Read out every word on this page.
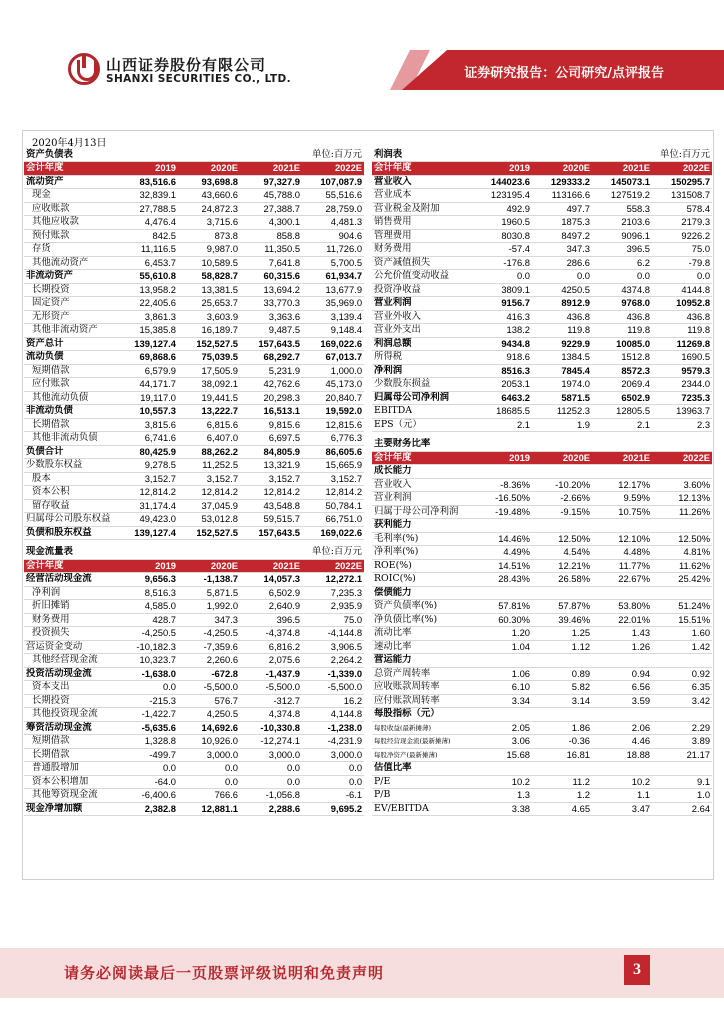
山西证券股份有限公司
SHANXI SECURITIES CO., LTD.	证券研究报告：公司研究/点评报告
2020年4月13日
资产负债表			单位:百万元	
会计年度	2019	2020E	2021E	2022E
流动资产	83,516.6	93,698.8	97,327.9	107,087.9
现金	32,839.1	43,660.6	45,788.0	55,516.6
应收账款	27,788.5	24,872.3	27,388.7	28,759.0
其他应收款	4,476.4	3,715.6	4,300.1	4,481.3
预付账款	842.5	873.8	858.8	904.6
存货	11,116.5	9,987.0	11,350.5	11,726.0
其他流动资产	6,453.7	10,589.5	7,641.8	5,700.5
非流动资产	55,610.8	58,828.7	60,315.6	61,934.7
长期投资	13,958.2	13,381.5	13,694.2	13,677.9
固定资产	22,405.6	25,653.7	33,770.3	35,969.0
无形资产	3,861.3	3,603.9	3,363.6	3,139.4
其他非流动资产	15,385.8	16,189.7	9,487.5	9,148.4
资产总计	139,127.4	152,527.5	157,643.5	169,022.6
流动负债	69,868.6	75,039.5	68,292.7	67,013.7
短期借款	6,579.9	17,505.9	5,231.9	1,000.0
应付账款	44,171.7	38,092.1	42,762.6	45,173.0
其他流动负债	19,117.0	19,441.5	20,298.3	20,840.7
非流动负债	10,557.3	13,222.7	16,513.1	19,592.0
长期借款	3,815.6	6,815.6	9,815.6	12,815.6
其他非流动负债	6,741.6	6,407.0	6,697.5	6,776.3
负债合计	80,425.9	88,262.2	84,805.9	86,605.6
少数股东权益	9,278.5	11,252.5	13,321.9	15,665.9
股本	3,152.7	3,152.7	3,152.7	3,152.7
资本公积	12,814.2	12,814.2	12,814.2	12,814.2
留存收益	31,174.4	37,045.9	43,548.8	50,784.1
归属母公司股东权益	49,423.0	53,012.8	59,515.7	66,751.0
负债和股东权益	139,127.4	152,527.5	157,643.5	169,022.6

现金流量表			单位:百万元	
会计年度	2019	2020E	2021E	2022E
经营活动现金流	9,656.3	-1,138.7	14,057.3	12,272.1
净利润	8,516.3	5,871.5	6,502.9	7,235.3
折旧摊销	4,585.0	1,992.0	2,640.9	2,935.9
财务费用	428.7	347.3	396.5	75.0
投资损失	-4,250.5	-4,250.5	-4,374.8	-4,144.8
营运资金变动	-10,182.3	-7,359.6	6,816.2	3,906.5
其他经营现金流	10,323.7	2,260.6	2,075.6	2,264.2
投资活动现金流	-1,638.0	-672.8	-1,437.9	-1,339.0
资本支出	0.0	-5,500.0	-5,500.0	-5,500.0
长期投资	-215.3	576.7	-312.7	16.2
其他投资现金流	-1,422.7	4,250.5	4,374.8	4,144.8
筹资活动现金流	-5,635.6	14,692.6	-10,330.8	-1,238.0
短期借款	1,328.8	10,926.0	-12,274.1	-4,231.9
长期借款	-499.7	3,000.0	3,000.0	3,000.0
普通股增加	0.0	0.0	0.0	0.0
资本公积增加	-64.0	0.0	0.0	0.0
其他筹资现金流	-6,400.6	766.6	-1,056.8	-6.1
现金净增加额	2,382.8	12,881.1	2,288.6	9,695.2
利润表			单位:百万元	
会计年度	2019	2020E	2021E	2022E
营业收入	144023.6	129333.2	145073.1	150295.7
营业成本	123195.4	113166.6	127519.2	131508.7
营业税金及附加	492.9	497.7	558.3	578.4
销售费用	1960.5	1875.3	2103.6	2179.3
管理费用	8030.8	8497.2	9096.1	9226.2
财务费用	-57.4	347.3	396.5	75.0
资产减值损失	-176.8	286.6	6.2	-79.8
公允价值变动收益	0.0	0.0	0.0	0.0
投资净收益	3809.1	4250.5	4374.8	4144.8
营业利润	9156.7	8912.9	9768.0	10952.8
营业外收入	416.3	436.8	436.8	436.8
营业外支出	138.2	119.8	119.8	119.8
利润总额	9434.8	9229.9	10085.0	11269.8
所得税	918.6	1384.5	1512.8	1690.5
净利润	8516.3	7845.4	8572.3	9579.3
少数股东损益	2053.1	1974.0	2069.4	2344.0
归属母公司净利润	6463.2	5871.5	6502.9	7235.3
EBITDA	18685.5	11252.3	12805.5	13963.7
EPS（元）	2.1	1.9	2.1	2.3

主要财务比率				
会计年度	2019	2020E	2021E	2022E
成长能力				
营业收入	-8.36%	-10.20%	12.17%	3.60%
营业利润	-16.50%	-2.66%	9.59%	12.13%
归属于母公司净利润	-19.48%	-9.15%	10.75%	11.26%
获利能力				
毛利率(%)	14.46%	12.50%	12.10%	12.50%
净利率(%)	4.49%	4.54%	4.48%	4.81%
ROE(%)	14.51%	12.21%	11.77%	11.62%
ROIC(%)	28.43%	26.58%	22.67%	25.42%
偿债能力				
资产负债率(%)	57.81%	57.87%	53.80%	51.24%
净负债比率(%)	60.30%	39.46%	22.01%	15.51%
流动比率	1.20	1.25	1.43	1.60
速动比率	1.04	1.12	1.26	1.42
营运能力				
总资产周转率	1.06	0.89	0.94	0.92
应收账款周转率	6.10	5.82	6.56	6.35
应付账款周转率	3.34	3.14	3.59	3.42
每股指标（元）				
每股收益(最新摊薄)	2.05	1.86	2.06	2.29
每股经营现金流(最新摊薄)	3.06	-0.36	4.46	3.89
每股净资产(最新摊薄)	15.68	16.81	18.88	21.17
估值比率				
P/E	10.2	11.2	10.2	9.1
P/B	1.3	1.2	1.1	1.0
EV/EBITDA	3.38	4.65	3.47	2.64
请务必阅读最后一页股票评级说明和免责声明	3
